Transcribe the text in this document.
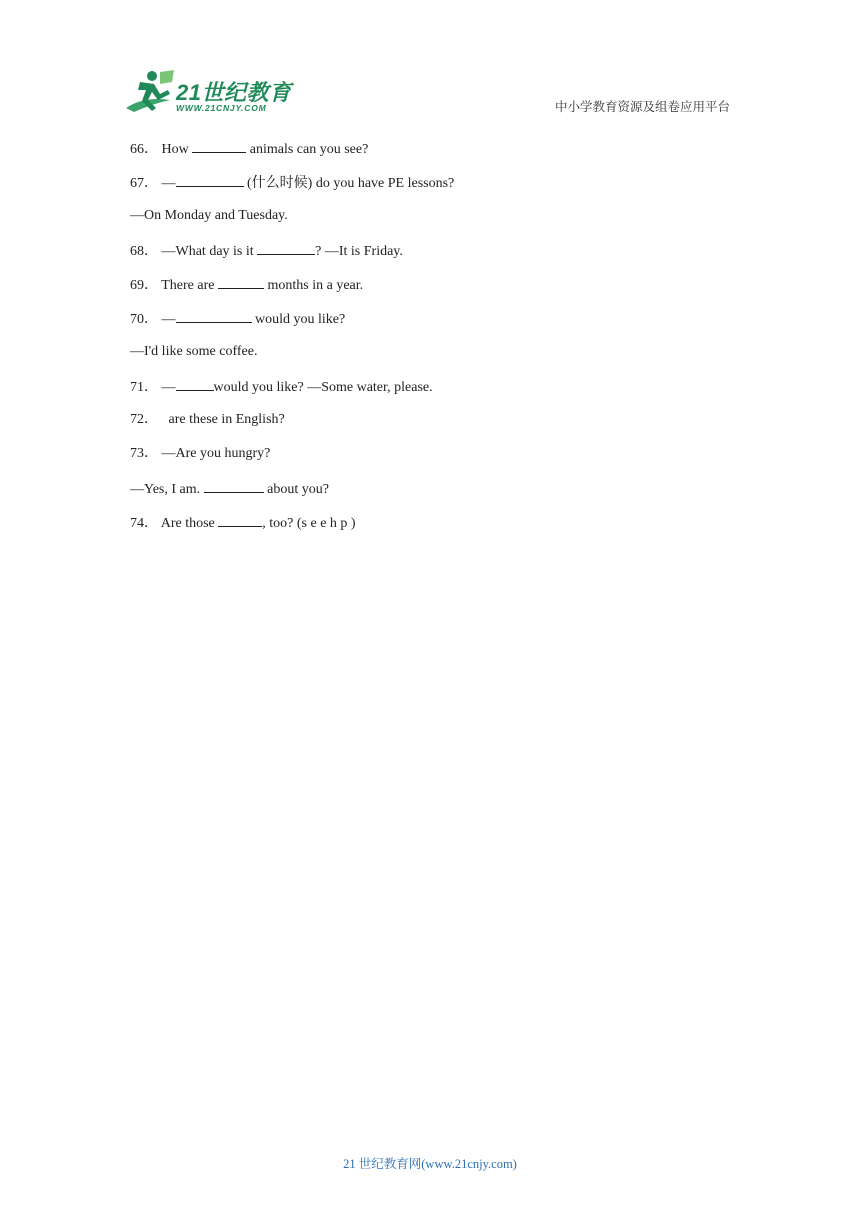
21世纪教育
WWW.21CNJY.COM	中小学教育资源及组卷应用平台
66． How	animals can you see?
67． —	(什么时候) do you have PE lessons?
—On Monday and Tuesday.
68． —What day is it	? —It is Friday.
69． There are	months in a year.
70． —	would you like?
—I'd like some coffee.
71． —	would you like? —Some water, please.
72．   are these in English?
73． —Are you hungry?
—Yes, I am.	about you?
74． Are those	, too? (s e e h p )
21 世纪教育网(www.21cnjy.com)
